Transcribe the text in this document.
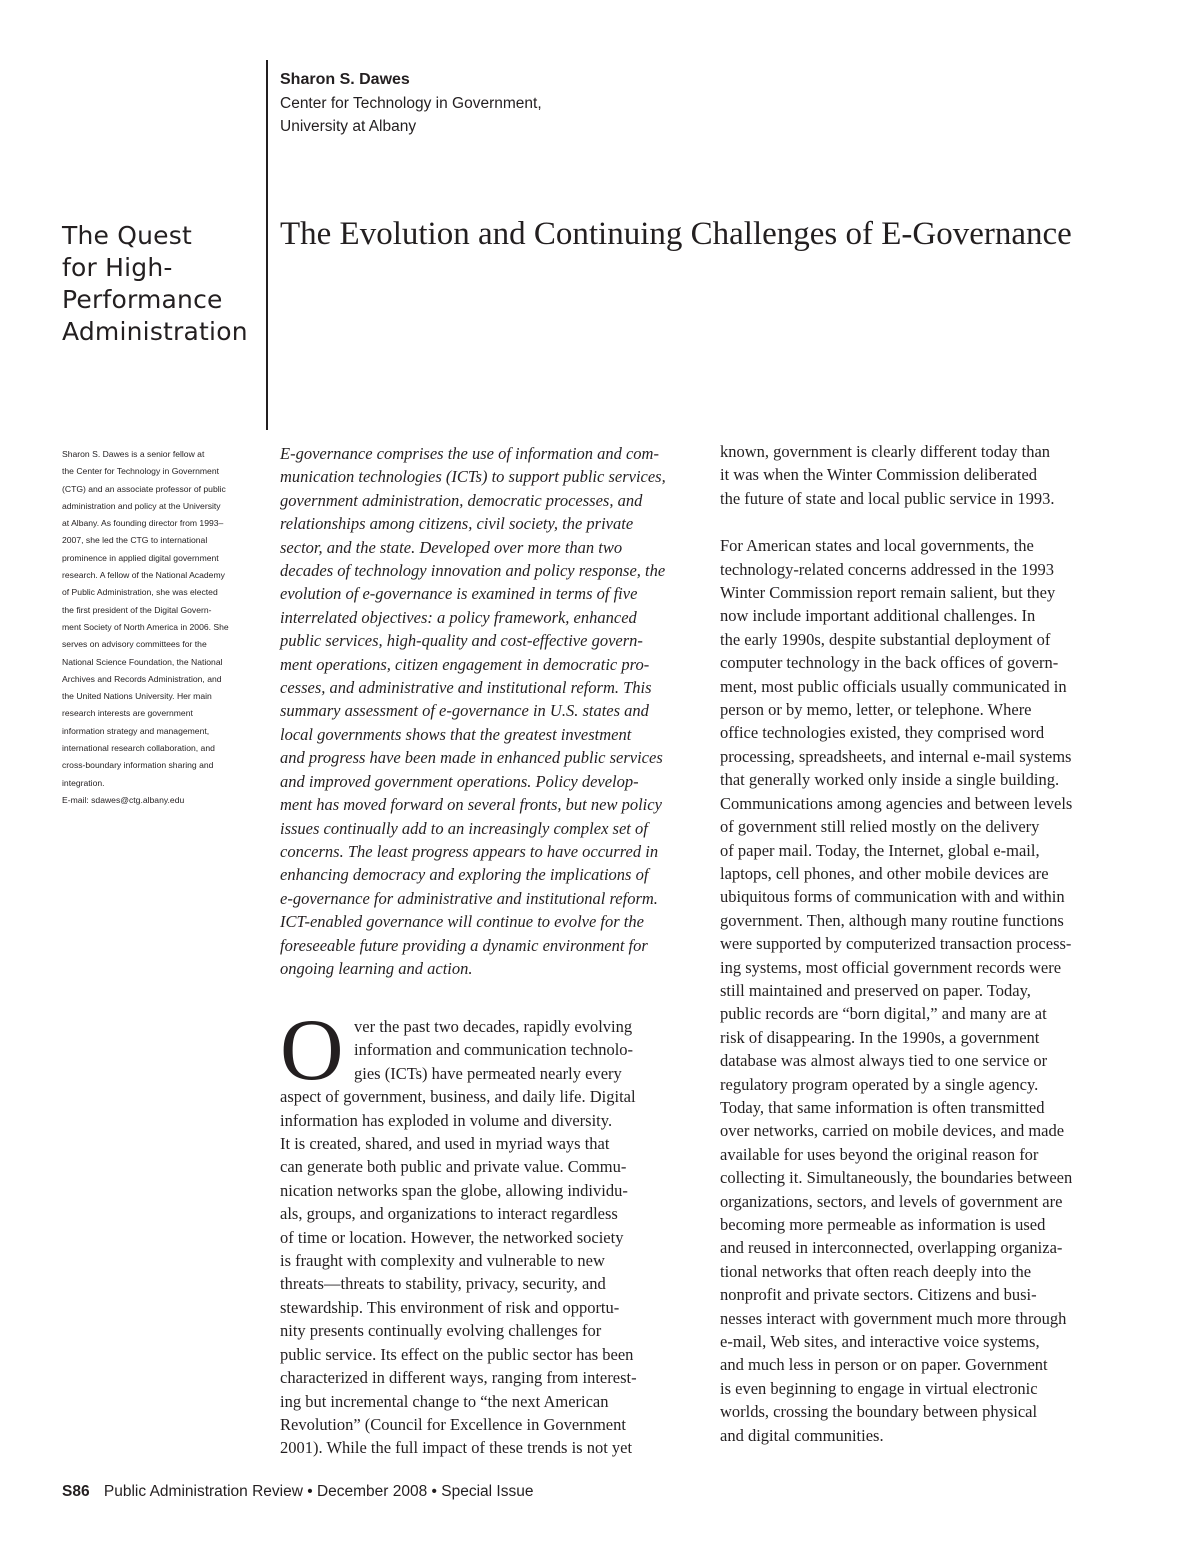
Sharon S. Dawes
Center for Technology in Government,
University at Albany
The Quest
for High-
Performance
Administration
The Evolution and Continuing Challenges of E-Governance
Sharon S. Dawes is a senior fellow at
the Center for Technology in Government
(CTG) and an associate professor of public
administration and policy at the University
at Albany. As founding director from 1993–
2007, she led the CTG to international
prominence in applied digital government
research. A fellow of the National Academy
of Public Administration, she was elected
the first president of the Digital Govern-
ment Society of North America in 2006. She
serves on advisory committees for the
National Science Foundation, the National
Archives and Records Administration, and
the United Nations University. Her main
research interests are government
information strategy and management,
international research collaboration, and
cross-boundary information sharing and
integration.
E-mail: sdawes@ctg.albany.edu
E-governance comprises the use of information and com-
munication technologies (ICTs) to support public services,
government administration, democratic processes, and
relationships among citizens, civil society, the private
sector, and the state. Developed over more than two
decades of technology innovation and policy response, the
evolution of e-governance is examined in terms of five
interrelated objectives: a policy framework, enhanced
public services, high-quality and cost-effective govern-
ment operations, citizen engagement in democratic pro-
cesses, and administrative and institutional reform. This
summary assessment of e-governance in U.S. states and
local governments shows that the greatest investment
and progress have been made in enhanced public services
and improved government operations. Policy develop-
ment has moved forward on several fronts, but new policy
issues continually add to an increasingly complex set of
concerns. The least progress appears to have occurred in
enhancing democracy and exploring the implications of
e-governance for administrative and institutional reform.
ICT-enabled governance will continue to evolve for the
foreseeable future providing a dynamic environment for
ongoing learning and action.
O ver the past two decades, rapidly evolving
information and communication technolo-
gies (ICTs) have permeated nearly every
aspect of government, business, and daily life. Digital
information has exploded in volume and diversity.
It is created, shared, and used in myriad ways that
can generate both public and private value. Commu-
nication networks span the globe, allowing individu-
als, groups, and organizations to interact regardless
of time or location. However, the networked society
is fraught with complexity and vulnerable to new
threats—threats to stability, privacy, security, and
stewardship. This environment of risk and opportu-
nity presents continually evolving challenges for
public service. Its effect on the public sector has been
characterized in different ways, ranging from interest-
ing but incremental change to “the next American
Revolution” (Council for Excellence in Government
2001). While the full impact of these trends is not yet
known, government is clearly different today than
it was when the Winter Commission deliberated
the future of state and local public service in 1993.
For American states and local governments, the
technology-related concerns addressed in the 1993
Winter Commission report remain salient, but they
now include important additional challenges. In
the early 1990s, despite substantial deployment of
computer technology in the back offices of govern-
ment, most public officials usually communicated in
person or by memo, letter, or telephone. Where
office technologies existed, they comprised word
processing, spreadsheets, and internal e-mail systems
that generally worked only inside a single building.
Communications among agencies and between levels
of government still relied mostly on the delivery
of paper mail. Today, the Internet, global e-mail,
laptops, cell phones, and other mobile devices are
ubiquitous forms of communication with and within
government. Then, although many routine functions
were supported by computerized transaction process-
ing systems, most official government records were
still maintained and preserved on paper. Today,
public records are “born digital,” and many are at
risk of disappearing. In the 1990s, a government
database was almost always tied to one service or
regulatory program operated by a single agency.
Today, that same information is often transmitted
over networks, carried on mobile devices, and made
available for uses beyond the original reason for
collecting it. Simultaneously, the boundaries between
organizations, sectors, and levels of government are
becoming more permeable as information is used
and reused in interconnected, overlapping organiza-
tional networks that often reach deeply into the
nonprofit and private sectors. Citizens and busi-
nesses interact with government much more through
e-mail, Web sites, and interactive voice systems,
and much less in person or on paper. Government
is even beginning to engage in virtual electronic
worlds, crossing the boundary between physical
and digital communities.
S86 Public Administration Review • December 2008 • Special Issue
